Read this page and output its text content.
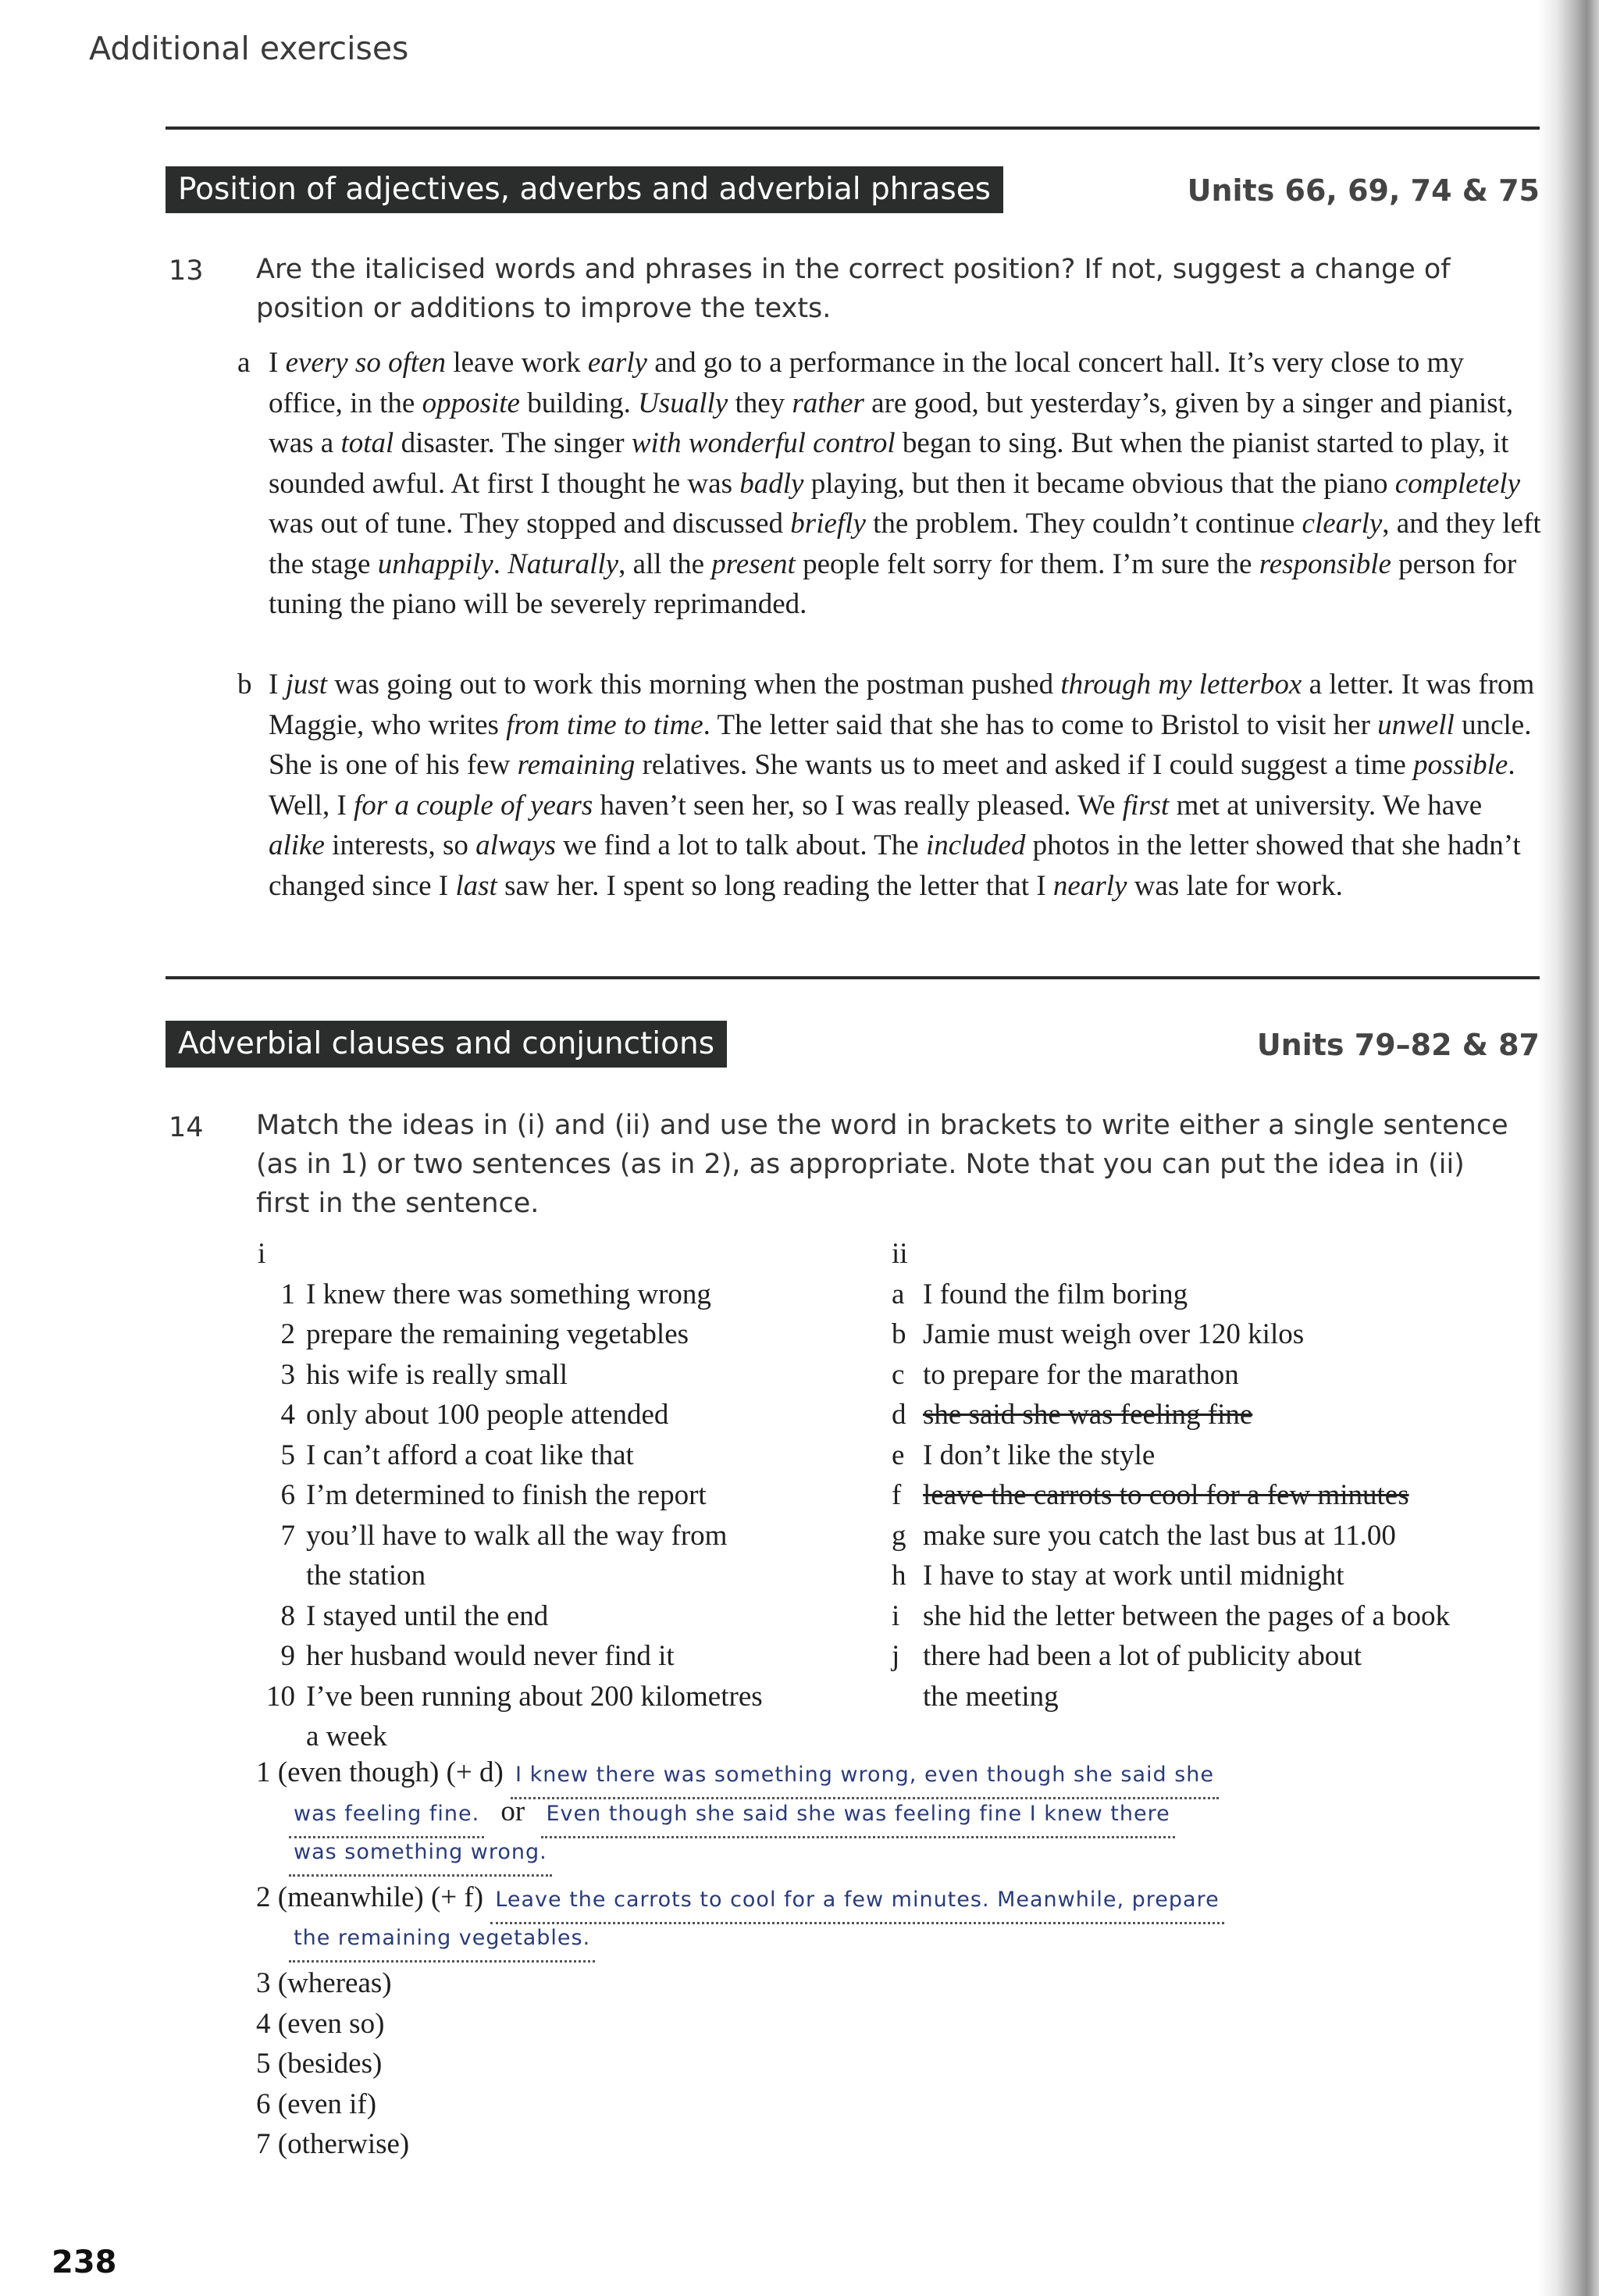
Additional exercises
Position of adjectives, adverbs and adverbial phrases	Units 66, 69, 74 & 75
13 Are the italicised words and phrases in the correct position? If not, suggest a change of position or additions to improve the texts.
a I every so often leave work early and go to a performance in the local concert hall. It’s very close to my office, in the opposite building. Usually they rather are good, but yesterday’s, given by a singer and pianist, was a total disaster. The singer with wonderful control began to sing. But when the pianist started to play, it sounded awful. At first I thought he was badly playing, but then it became obvious that the piano completely was out of tune. They stopped and discussed briefly the problem. They couldn’t continue clearly, and they left the stage unhappily. Naturally, all the present people felt sorry for them. I’m sure the responsible person for tuning the piano will be severely reprimanded.
b I just was going out to work this morning when the postman pushed through my letterbox a letter. It was from Maggie, who writes from time to time. The letter said that she has to come to Bristol to visit her unwell uncle. She is one of his few remaining relatives. She wants us to meet and asked if I could suggest a time possible. Well, I for a couple of years haven’t seen her, so I was really pleased. We first met at university. We have alike interests, so always we find a lot to talk about. The included photos in the letter showed that she hadn’t changed since I last saw her. I spent so long reading the letter that I nearly was late for work.
Adverbial clauses and conjunctions	Units 79–82 & 87
14 Match the ideas in (i) and (ii) and use the word in brackets to write either a single sentence (as in 1) or two sentences (as in 2), as appropriate. Note that you can put the idea in (ii) first in the sentence.
i
1 I knew there was something wrong
2 prepare the remaining vegetables
3 his wife is really small
4 only about 100 people attended
5 I can’t afford a coat like that
6 I’m determined to finish the report
7 you’ll have to walk all the way from
the station
8 I stayed until the end
9 her husband would never find it
10 I’ve been running about 200 kilometres
a week
ii
a I found the film boring
b Jamie must weigh over 120 kilos
c to prepare for the marathon
d she said she was feeling fine
e I don’t like the style
f leave the carrots to cool for a few minutes
g make sure you catch the last bus at 11.00
h I have to stay at work until midnight
i she hid the letter between the pages of a book
j there had been a lot of publicity about
the meeting
1 (even though) (+ d) I knew there was something wrong, even though she said she
was feeling fine. or Even though she said she was feeling fine I knew there
was something wrong.
2 (meanwhile) (+ f) Leave the carrots to cool for a few minutes. Meanwhile, prepare
the remaining vegetables.
3 (whereas)
4 (even so)
5 (besides)
6 (even if)
7 (otherwise)
238
